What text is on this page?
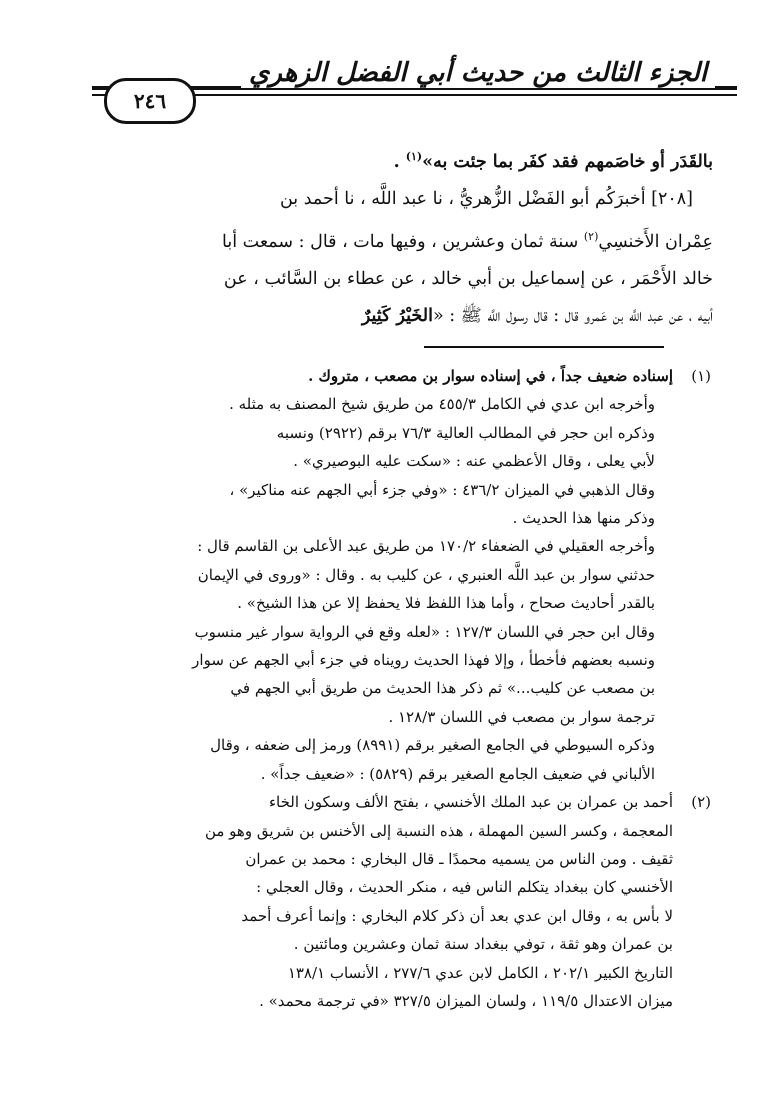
الجزء الثالث من حديث أبي الفضل الزهري
٢٤٦

بالقَدَر أو خاصَمهم فقد كفَر بما جئت به»$^{(١)}$ .

[٢٠٨] أخبرَكُم أبو الفَضْل الزُّهريُّ ، نا عبد اللَّه ، نا أحمد بن

عِمْران الأَخنسِي$^{(٢)}$ سنة ثمان وعشرين ، وفيها مات ، قال : سمعت أبا

خالد الأَحْمَر ، عن إسماعيل بن أبي خالد ، عن عطاء بن السَّائب ، عن

أبيه ، عن عبد اللَّه بن عَمرو قال : قال رسول اللَّه ﷺ : «الخَيْرُ كَثِيرٌ

(١)
إسناده ضعيف جداً ، في إسناده سوار بن مصعب ، متروك .
وأخرجه ابن عدي في الكامل ٤٥٥/٣ من طريق شيخ المصنف به مثله .
وذكره ابن حجر في المطالب العالية ٧٦/٣ برقم (٢٩٢٢) ونسبه
لأبي يعلى ، وقال الأعظمي عنه : «سكت عليه البوصيري» .
وقال الذهبي في الميزان ٤٣٦/٢ : «وفي جزء أبي الجهم عنه مناكير» ،
وذكر منها هذا الحديث .
وأخرجه العقيلي في الضعفاء ١٧٠/٢ من طريق عبد الأعلى بن القاسم قال :
حدثني سوار بن عبد اللَّه العنبري ، عن كليب به . وقال : «وروى في الإيمان
بالقدر أحاديث صحاح ، وأما هذا اللفظ فلا يحفظ إلا عن هذا الشيخ» .
وقال ابن حجر في اللسان ١٢٧/٣ : «لعله وقع في الرواية سوار غير منسوب
ونسبه بعضهم فأخطأ ، وإلا فهذا الحديث رويناه في جزء أبي الجهم عن سوار
بن مصعب عن كليب...» ثم ذكر هذا الحديث من طريق أبي الجهم في
ترجمة سوار بن مصعب في اللسان ١٢٨/٣ .
وذكره السيوطي في الجامع الصغير برقم (٨٩٩١) ورمز إلى ضعفه ، وقال
الألباني في ضعيف الجامع الصغير برقم (٥٨٢٩) : «ضعيف جداً» .
(٢)
أحمد بن عمران بن عبد الملك الأخنسي ، بفتح الألف وسكون الخاء
المعجمة ، وكسر السين المهملة ، هذه النسبة إلى الأخنس بن شريق وهو من
ثقيف . ومن الناس من يسميه محمدًا ـ قال البخاري : محمد بن عمران
الأخنسي كان ببغداد يتكلم الناس فيه ، منكر الحديث ، وقال العجلي :
لا بأس به ، وقال ابن عدي بعد أن ذكر كلام البخاري : وإنما أعرف أحمد
بن عمران وهو ثقة ، توفي ببغداد سنة ثمان وعشرين ومائتين .
التاريخ الكبير ٢٠٢/١ ، الكامل لابن عدي ٢٧٧/٦ ، الأنساب ١٣٨/١
ميزان الاعتدال ١١٩/٥ ، ولسان الميزان ٣٢٧/٥ «في ترجمة محمد» .
